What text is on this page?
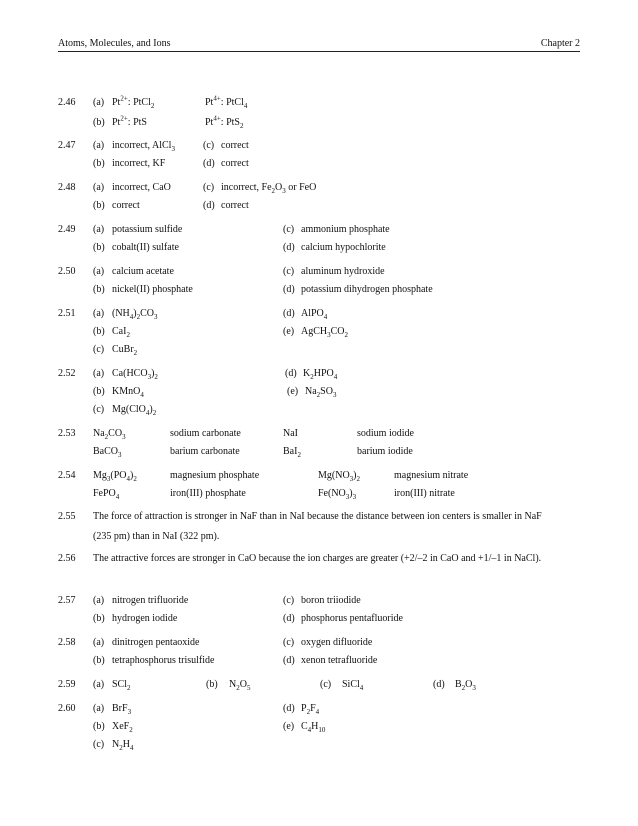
Atoms, Molecules, and Ions	Chapter 2
2.46 (a) $Pt^{2+}$: PtCl$_2$	$Pt^{4+}$: PtCl$_4$
(b) $Pt^{2+}$: PtS	$Pt^{4+}$: PtS$_2$
2.47 (a) incorrect, AlCl$_3$	(c) correct
(b) incorrect, KF	(d) correct
2.48 (a) incorrect, CaO	(c) incorrect, $Fe_2O_3$ or FeO
(b) correct	(d) correct
2.49 (a) potassium sulfide	(c) ammonium phosphate
(b) cobalt(II) sulfate	(d) calcium hypochlorite
2.50 (a) calcium acetate	(c) aluminum hydroxide
(b) nickel(II) phosphate	(d) potassium dihydrogen phosphate
2.51 (a) $(NH_4)_2CO_3$	(d) AlPO$_4$
(b) CaI$_2$	(e) $AgCH_3CO_2$
(c) CuBr$_2$
2.52 (a) $Ca(HCO_3)_2$	(d) $K_2HPO_4$
(b) KMnO$_4$	(e) $Na_2SO_3$
(c) $Mg(ClO_4)_2$
2.53 $Na_2CO_3$	sodium carbonate	NaI	sodium iodide
BaCO$_3$	barium carbonate	BaI$_2$	barium iodide
2.54 $Mg_3(PO_4)_2$	magnesium phosphate	$Mg(NO_3)_2$	magnesium nitrate
FePO$_4$	iron(III) phosphate	$Fe(NO_3)_3$	iron(III) nitrate
2.55 The force of attraction is stronger in NaF than in NaI because the distance between ion centers is smaller in NaF (235 pm) than in NaI (322 pm).
2.56 The attractive forces are stronger in CaO because the ion charges are greater (+2/–2 in CaO and +1/–1 in NaCl).
2.57 (a) nitrogen trifluoride	(c) boron triiodide
(b) hydrogen iodide	(d) phosphorus pentafluoride
2.58 (a) dinitrogen pentaoxide	(c) oxygen difluoride
(b) tetraphosphorus trisulfide	(d) xenon tetrafluoride
2.59 (a) SCl$_2$	(b) $N_2O_5$	(c) SiCl$_4$	(d) $B_2O_3$
2.60 (a) BrF$_3$	(d) $P_2F_4$
(b) XeF$_2$	(e) $C_4H_{10}$
(c) $N_2H_4$
